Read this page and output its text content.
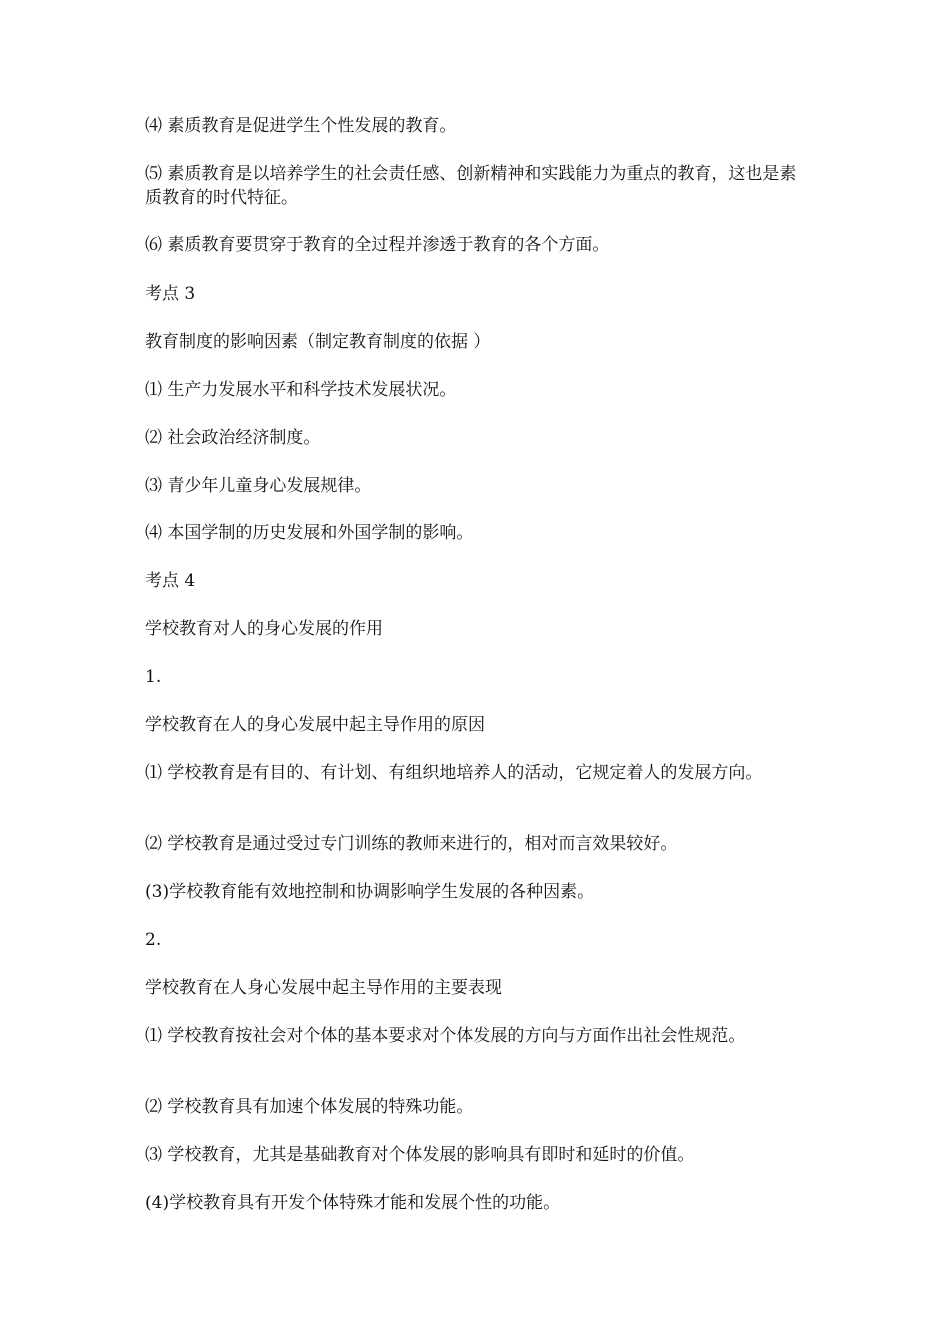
⑷ 素质教育是促进学生个性发展的教育。

⑸ 素质教育是以培养学生的社会责任感、创新精神和实践能力为重点的教育，这也是素质教育的时代特征。

⑹ 素质教育要贯穿于教育的全过程并渗透于教育的各个方面。

考点 3

教育制度的影响因素（制定教育制度的依据 ）

⑴ 生产力发展水平和科学技术发展状况。

⑵ 社会政治经济制度。

⑶ 青少年儿童身心发展规律。

⑷ 本国学制的历史发展和外国学制的影响。

考点 4

学校教育对人的身心发展的作用

1.

学校教育在人的身心发展中起主导作用的原因

⑴ 学校教育是有目的、有计划、有组织地培养人的活动，它规定着人的发展方向。

⑵ 学校教育是通过受过专门训练的教师来进行的，相对而言效果较好。

(3)学校教育能有效地控制和协调影响学生发展的各种因素。

2.

学校教育在人身心发展中起主导作用的主要表现

⑴ 学校教育按社会对个体的基本要求对个体发展的方向与方面作出社会性规范。

⑵ 学校教育具有加速个体发展的特殊功能。

⑶ 学校教育，尤其是基础教育对个体发展的影响具有即时和延时的价值。

(4)学校教育具有开发个体特殊才能和发展个性的功能。
